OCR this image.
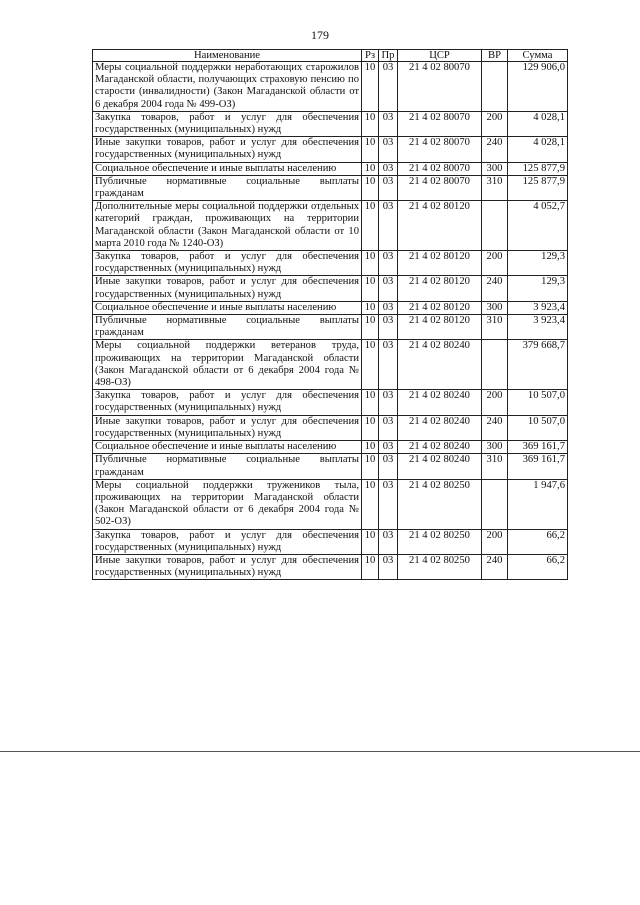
179
Наименование	Рз	Пр	ЦСР	ВР	Сумма
Меры социальной поддержки неработающих старожилов Магаданской области, получающих страховую пенсию по старости (инвалидности) (Закон Магаданской области от 6 декабря 2004 года № 499-ОЗ)	10	03	21 4 02 80070		129 906,0
Закупка товаров, работ и услуг для обеспечения государственных (муниципальных) нужд	10	03	21 4 02 80070	200	4 028,1
Иные закупки товаров, работ и услуг для обеспечения государственных (муниципальных) нужд	10	03	21 4 02 80070	240	4 028,1
Социальное обеспечение и иные выплаты населению	10	03	21 4 02 80070	300	125 877,9
Публичные нормативные социальные выплаты гражданам	10	03	21 4 02 80070	310	125 877,9
Дополнительные меры социальной поддержки отдельных категорий граждан, проживающих на территории Магаданской области (Закон Магаданской области от 10 марта 2010 года № 1240-ОЗ)	10	03	21 4 02 80120		4 052,7
Закупка товаров, работ и услуг для обеспечения государственных (муниципальных) нужд	10	03	21 4 02 80120	200	129,3
Иные закупки товаров, работ и услуг для обеспечения государственных (муниципальных) нужд	10	03	21 4 02 80120	240	129,3
Социальное обеспечение и иные выплаты населению	10	03	21 4 02 80120	300	3 923,4
Публичные нормативные социальные выплаты гражданам	10	03	21 4 02 80120	310	3 923,4
Меры социальной поддержки ветеранов труда, проживающих на территории Магаданской области (Закон Магаданской области от 6 декабря 2004 года № 498-ОЗ)	10	03	21 4 02 80240		379 668,7
Закупка товаров, работ и услуг для обеспечения государственных (муниципальных) нужд	10	03	21 4 02 80240	200	10 507,0
Иные закупки товаров, работ и услуг для обеспечения государственных (муниципальных) нужд	10	03	21 4 02 80240	240	10 507,0
Социальное обеспечение и иные выплаты населению	10	03	21 4 02 80240	300	369 161,7
Публичные нормативные социальные выплаты гражданам	10	03	21 4 02 80240	310	369 161,7
Меры социальной поддержки тружеников тыла, проживающих на территории Магаданской области (Закон Магаданской области от 6 декабря 2004 года № 502-ОЗ)	10	03	21 4 02 80250		1 947,6
Закупка товаров, работ и услуг для обеспечения государственных (муниципальных) нужд	10	03	21 4 02 80250	200	66,2
Иные закупки товаров, работ и услуг для обеспечения государственных (муниципальных) нужд	10	03	21 4 02 80250	240	66,2
